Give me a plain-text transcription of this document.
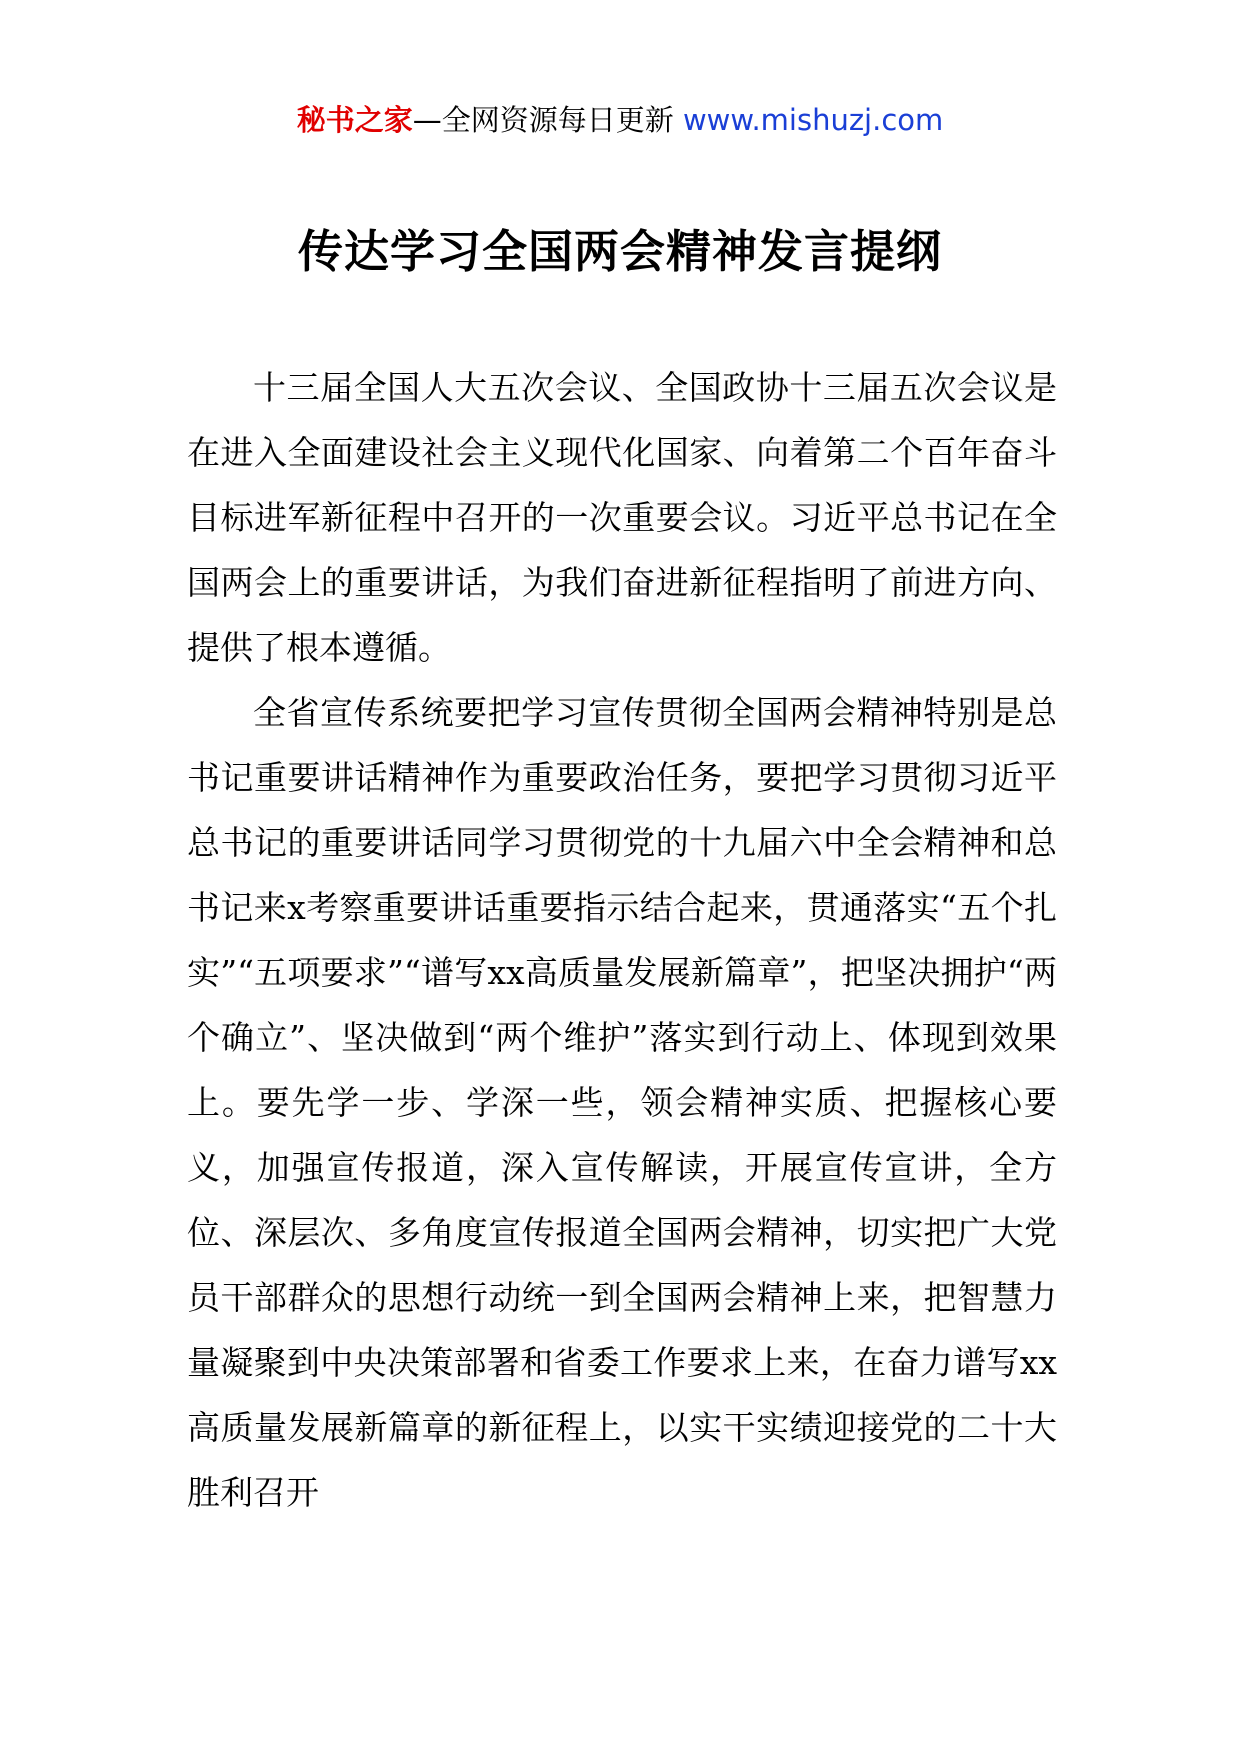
秘书之家—全网资源每日更新 www.mishuzj.com
传达学习全国两会精神发言提纲

十三届全国人大五次会议、全国政协十三届五次会议是在进入全面建设社会主义现代化国家、向着第二个百年奋斗目标进军新征程中召开的一次重要会议。习近平总书记在全国两会上的重要讲话，为我们奋进新征程指明了前进方向、提供了根本遵循。

全省宣传系统要把学习宣传贯彻全国两会精神特别是总书记重要讲话精神作为重要政治任务，要把学习贯彻习近平总书记的重要讲话同学习贯彻党的十九届六中全会精神和总书记来x考察重要讲话重要指示结合起来，贯通落实“五个扎实”“五项要求”“谱写xx高质量发展新篇章”，把坚决拥护“两个确立”、坚决做到“两个维护”落实到行动上、体现到效果上。要先学一步、学深一些，领会精神实质、把握核心要义，加强宣传报道，深入宣传解读，开展宣传宣讲，全方位、深层次、多角度宣传报道全国两会精神，切实把广大党员干部群众的思想行动统一到全国两会精神上来，把智慧力量凝聚到中央决策部署和省委工作要求上来，在奋力谱写xx高质量发展新篇章的新征程上，以实干实绩迎接党的二十大胜利召开
